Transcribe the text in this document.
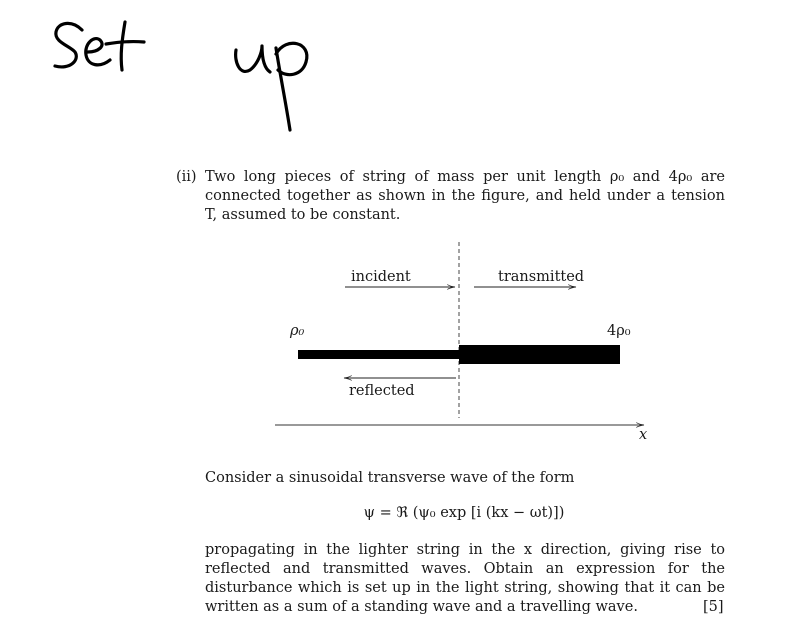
(ii) Two long pieces of string of mass per unit length ρ₀ and 4ρ₀ are connected together as shown in the figure, and held under a tension T, assumed to be constant.
incident	transmitted
reflected
ρ₀	4ρ₀
x
Consider a sinusoidal transverse wave of the form
ψ = ℜ (ψ₀ exp [i (kx − ωt)])
propagating in the lighter string in the x direction, giving rise to reflected and transmitted waves. Obtain an expression for the disturbance which is set up in the light string, showing that it can be written as a sum of a standing wave and a travelling wave.	[5]
